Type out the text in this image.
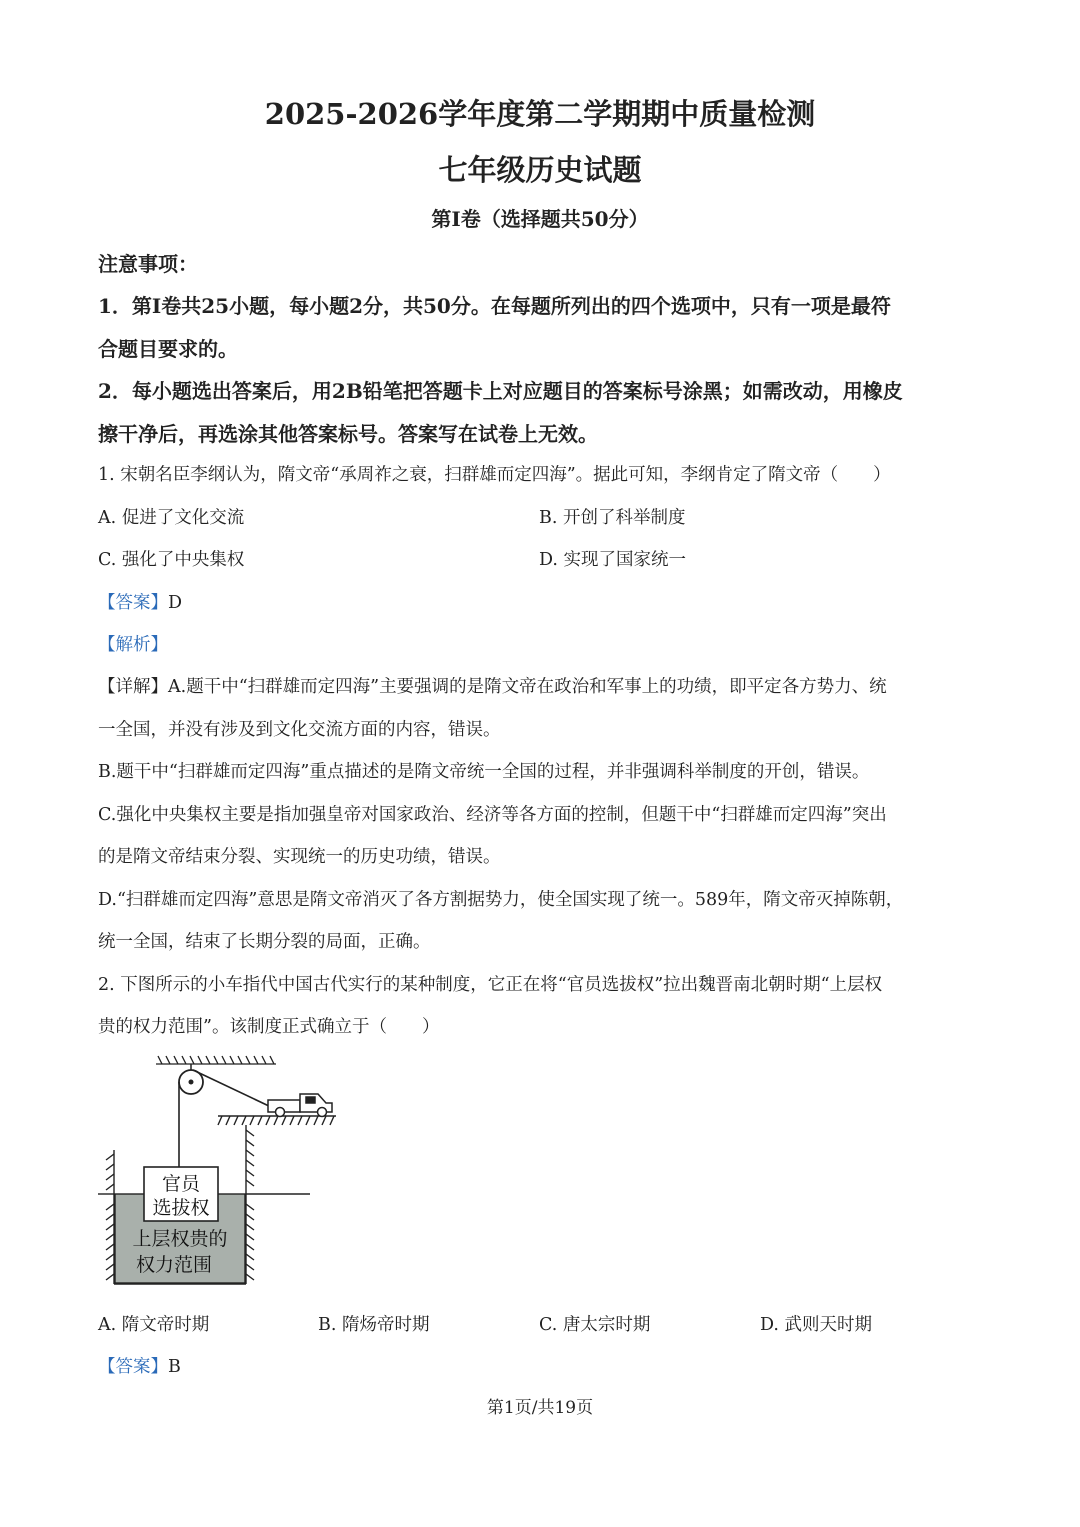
2025-2026学年度第二学期期中质量检测
七年级历史试题
第Ⅰ卷（选择题共50分）
注意事项：
1．第Ⅰ卷共25小题，每小题2分，共50分。在每题所列出的四个选项中，只有一项是最符
合题目要求的。
2．每小题选出答案后，用2B铅笔把答题卡上对应题目的答案标号涂黑；如需改动，用橡皮
擦干净后，再选涂其他答案标号。答案写在试卷上无效。
1. 宋朝名臣李纲认为，隋文帝“承周祚之衰，扫群雄而定四海”。据此可知，李纲肯定了隋文帝（　　）
A. 促进了文化交流	B. 开创了科举制度
C. 强化了中央集权	D. 实现了国家统一
【答案】D
【解析】
【详解】A.题干中“扫群雄而定四海”主要强调的是隋文帝在政治和军事上的功绩，即平定各方势力、统
一全国，并没有涉及到文化交流方面的内容，错误。
B.题干中“扫群雄而定四海”重点描述的是隋文帝统一全国的过程，并非强调科举制度的开创，错误。
C.强化中央集权主要是指加强皇帝对国家政治、经济等各方面的控制，但题干中“扫群雄而定四海”突出
的是隋文帝结束分裂、实现统一的历史功绩，错误。
D.“扫群雄而定四海”意思是隋文帝消灭了各方割据势力，使全国实现了统一。589年，隋文帝灭掉陈朝，
统一全国，结束了长期分裂的局面，正确。
2. 下图所示的小车指代中国古代实行的某种制度，它正在将“官员选拔权”拉出魏晋南北朝时期“上层权
贵的权力范围”。该制度正式确立于（　　）
官员
选拔权
上层权贵的
权力范围
A. 隋文帝时期	B. 隋炀帝时期	C. 唐太宗时期	D. 武则天时期
【答案】B
第1页/共19页
